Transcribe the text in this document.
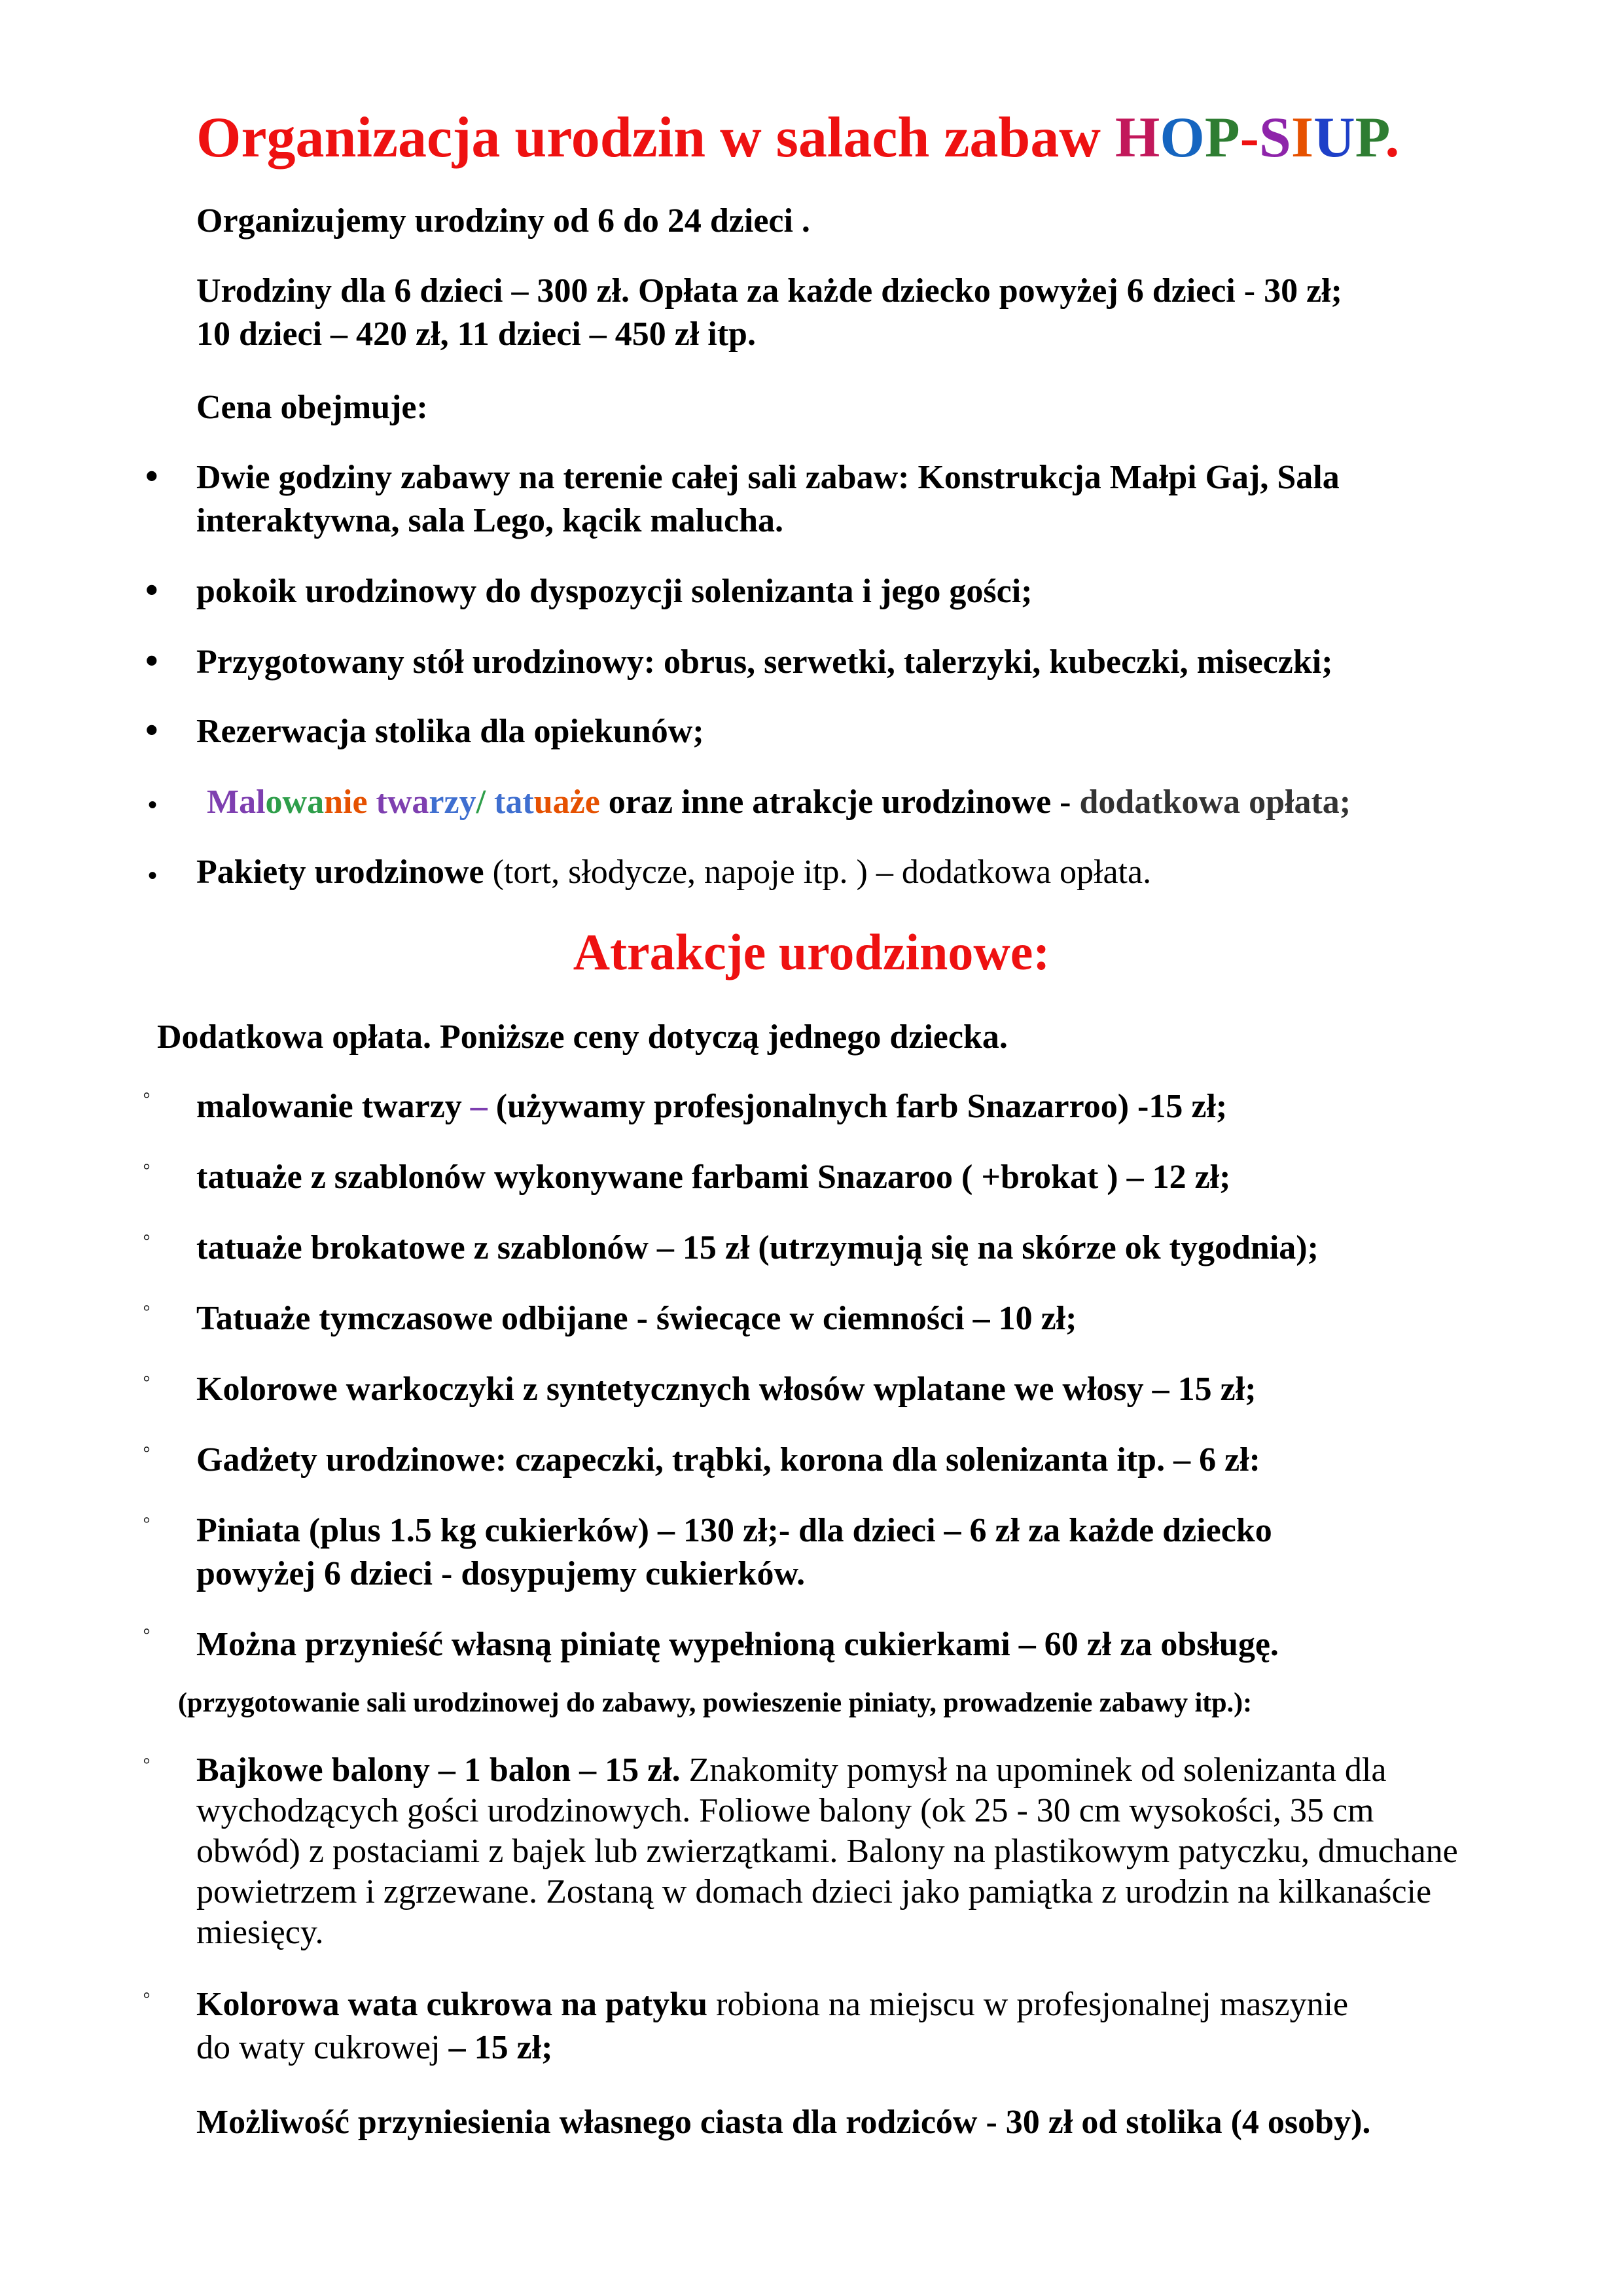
Organizacja urodzin w salach zabaw HOP-SIUP.
Organizujemy urodziny od 6 do 24 dzieci .
Urodziny dla 6 dzieci – 300 zł. Opłata za każde dziecko powyżej 6 dzieci - 30 zł;
10 dzieci – 420 zł, 11 dzieci – 450 zł itp.
Cena obejmuje:
• Dwie godziny zabawy na terenie całej sali zabaw: Konstrukcja Małpi Gaj, Sala
interaktywna, sala Lego, kącik malucha.
• pokoik urodzinowy do dyspozycji solenizanta i jego gości;
• Przygotowany stół urodzinowy: obrus, serwetki, talerzyki, kubeczki, miseczki;
• Rezerwacja stolika dla opiekunów;
• Malowanie twarzy/ tatuaże oraz inne atrakcje urodzinowe - dodatkowa opłata;
• Pakiety urodzinowe (tort, słodycze, napoje itp. ) – dodatkowa opłata.
Atrakcje urodzinowe:
Dodatkowa opłata. Poniższe ceny dotyczą jednego dziecka.
◦ malowanie twarzy – (używamy profesjonalnych farb Snazarroo) -15 zł;
◦ tatuaże z szablonów wykonywane farbami Snazaroo ( +brokat ) – 12 zł;
◦ tatuaże brokatowe z szablonów – 15 zł (utrzymują się na skórze ok tygodnia);
◦ Tatuaże tymczasowe odbijane - świecące w ciemności – 10 zł;
◦ Kolorowe warkoczyki z syntetycznych włosów wplatane we włosy – 15 zł;
◦ Gadżety urodzinowe: czapeczki, trąbki, korona dla solenizanta itp. – 6 zł:
◦ Piniata (plus 1.5 kg cukierków) – 130 zł;- dla dzieci – 6 zł za każde dziecko
powyżej 6 dzieci - dosypujemy cukierków.
◦ Można przynieść własną piniatę wypełnioną cukierkami – 60 zł za obsługę.
(przygotowanie sali urodzinowej do zabawy, powieszenie piniaty, prowadzenie zabawy itp.):
◦ Bajkowe balony – 1 balon – 15 zł. Znakomity pomysł na upominek od solenizanta dla
wychodzących gości urodzinowych. Foliowe balony (ok 25 - 30 cm wysokości, 35 cm
obwód) z postaciami z bajek lub zwierzątkami. Balony na plastikowym patyczku, dmuchane
powietrzem i zgrzewane. Zostaną w domach dzieci jako pamiątka z urodzin na kilkanaście
miesięcy.
◦ Kolorowa wata cukrowa na patyku robiona na miejscu w profesjonalnej maszynie
do waty cukrowej – 15 zł;
Możliwość przyniesienia własnego ciasta dla rodziców - 30 zł od stolika (4 osoby).
